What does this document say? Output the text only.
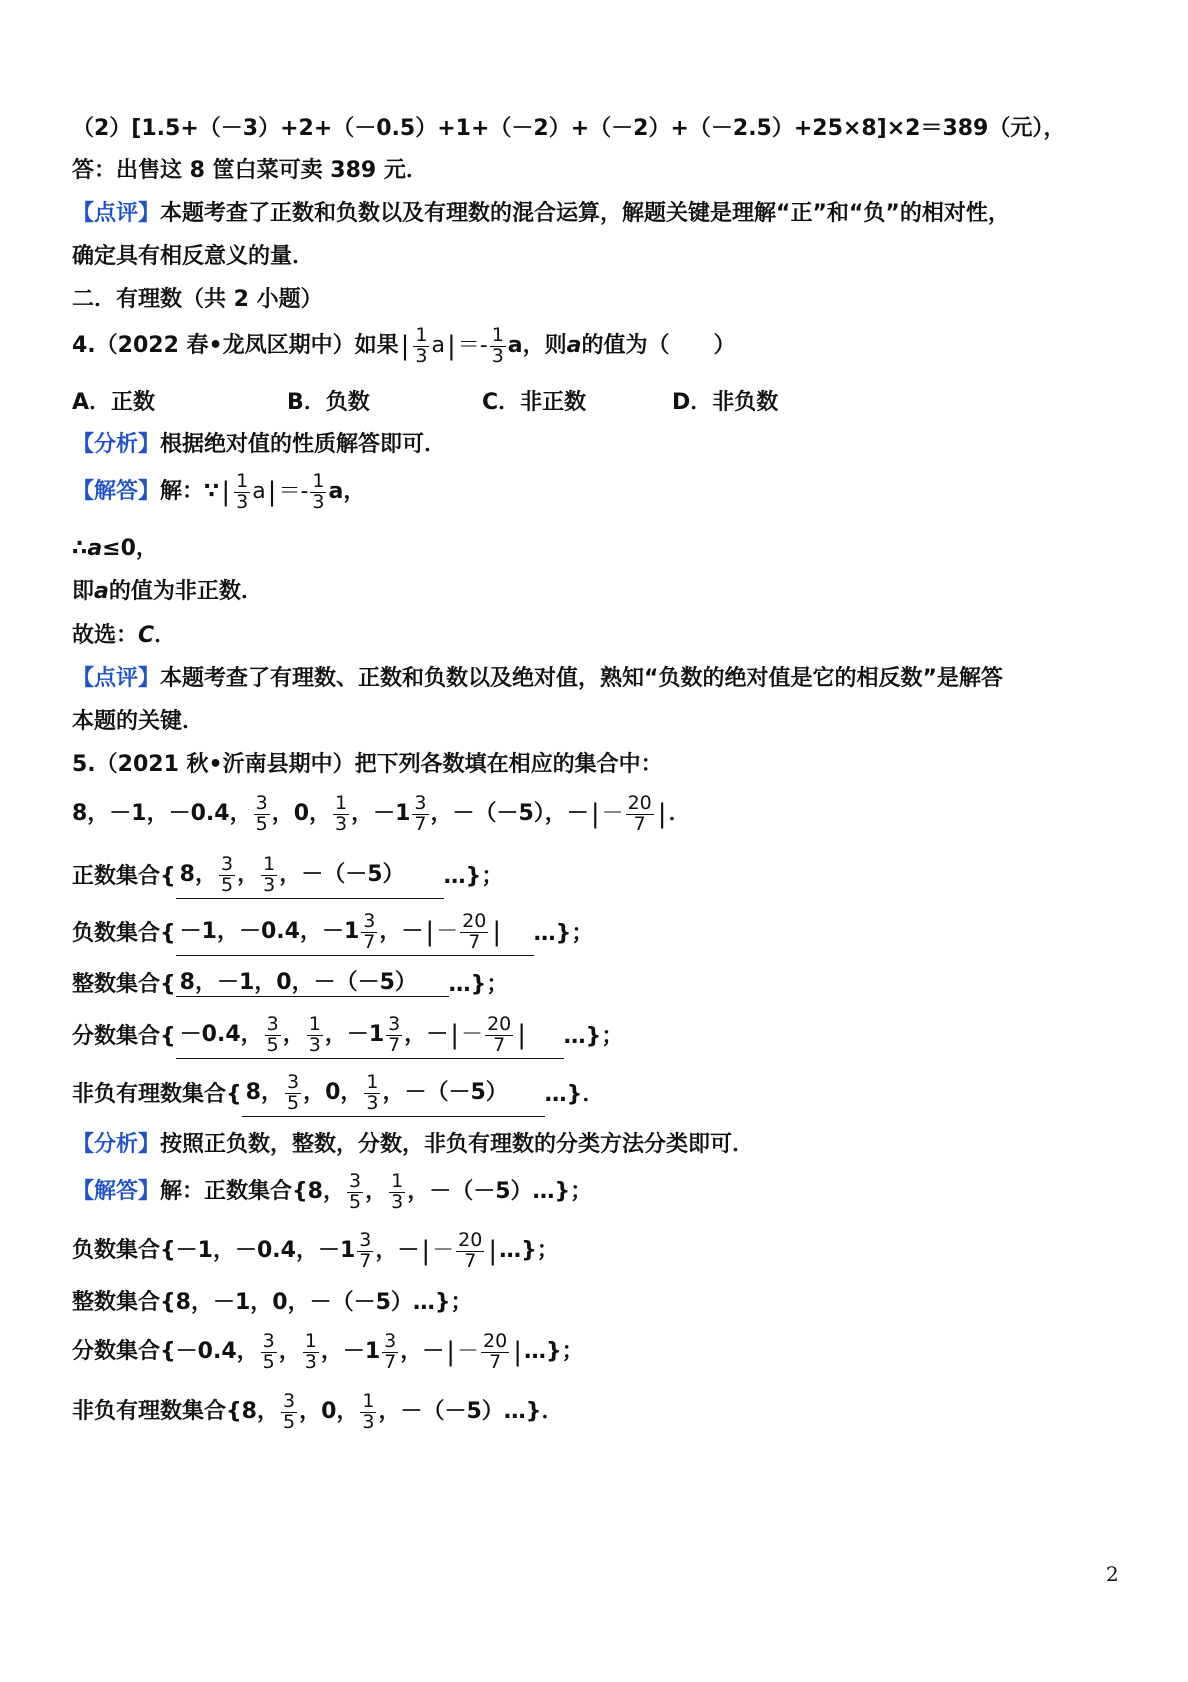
（2）[1.5+（－3）+2+（－0.5）+1+（－2）+（－2）+（－2.5）+25×8]×2＝389（元），
答：出售这 8 筐白菜可卖 389 元．
【点评】 本题考查了正数和负数以及有理数的混合运算，解题关键是理解“正”和“负”的相对性，
确定具有相反意义的量．
二．有理数（共 2 小题）
4.（2022 春•龙凤区期中）如果 | $\frac{1}{3}$ a | ＝- $\frac{1}{3}$ a，则 a 的值为（　　）
A．正数	B．负数	C．非正数	D．非负数
【分析】 根据绝对值的性质解答即可．
【解答】 解：∵ | $\frac{1}{3}$ a | ＝- $\frac{1}{3}$ a，
∴ a ≤0，
即 a 的值为非正数．
故选： C ．
【点评】 本题考查了有理数、正数和负数以及绝对值，熟知“负数的绝对值是它的相反数”是解答
本题的关键．
5.（2021 秋•沂南县期中）把下列各数填在相应的集合中：
8，－1，－0.4， $\frac{3}{5}$ ，0， $\frac{1}{3}$ ，$-1 \frac{3}{7}$ ，－（－5），－ | － $\frac{20}{7}$ | ．
正数集合{ 8， $\frac{3}{5}$ ， $\frac{1}{3}$ ，－（－5） …}；
负数集合{ －1，－0.4，$-1 \frac{3}{7}$ ，－ | － $\frac{20}{7}$ | …}；
整数集合{ 8，－1，0，－（－5） …}；
分数集合{ －0.4， $\frac{3}{5}$ ， $\frac{1}{3}$ ，$-1 \frac{3}{7}$ ，－ | － $\frac{20}{7}$ | …}；
非负有理数集合{ 8， $\frac{3}{5}$ ，0， $\frac{1}{3}$ ，－（－5） …}．
【分析】 按照正负数，整数，分数，非负有理数的分类方法分类即可．
【解答】 解：正数集合{8， $\frac{3}{5}$ ， $\frac{1}{3}$ ，－（－5）…}；
负数集合{－1，－0.4，$-1 \frac{3}{7}$ ，－ | － $\frac{20}{7}$ | …}；
整数集合{8，－1，0，－（－5）…}；
分数集合{－0.4， $\frac{3}{5}$ ， $\frac{1}{3}$ ，$-1 \frac{3}{7}$ ，－ | － $\frac{20}{7}$ | …}；
非负有理数集合{8， $\frac{3}{5}$ ，0， $\frac{1}{3}$ ，－（－5）…}．
2
